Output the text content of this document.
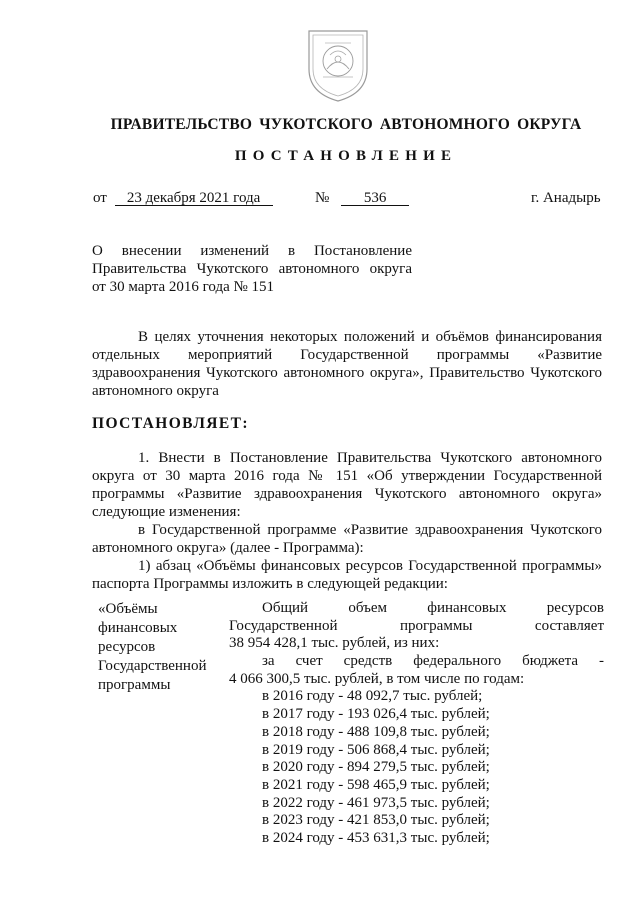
ПРАВИТЕЛЬСТВО ЧУКОТСКОГО АВТОНОМНОГО ОКРУГА
ПОСТАНОВЛЕНИЕ
от 23 декабря 2021 года	№ 536	г. Анадырь
О внесении изменений в Постановление
Правительства Чукотского автономного округа
от 30 марта 2016 года № 151
В целях уточнения некоторых положений и объёмов финансирования
отдельных мероприятий Государственной программы «Развитие
здравоохранения Чукотского автономного округа», Правительство Чукотского
автономного округа
ПОСТАНОВЛЯЕТ:
1. Внести в Постановление Правительства Чукотского автономного
округа от 30 марта 2016 года № 151 «Об утверждении Государственной
программы «Развитие здравоохранения Чукотского автономного округа»
следующие изменения:
в Государственной программе «Развитие здравоохранения Чукотского
автономного округа» (далее - Программа):
1) абзац «Объёмы финансовых ресурсов Государственной программы»
паспорта Программы изложить в следующей редакции:
«Объёмы
финансовых
ресурсов
Государственной
программы
Общий объем финансовых ресурсов
Государственной программы составляет
38 954 428,1 тыс. рублей, из них:
за счет средств федерального бюджета -
4 066 300,5 тыс. рублей, в том числе по годам:
в 2016 году - 48 092,7 тыс. рублей;
в 2017 году - 193 026,4 тыс. рублей;
в 2018 году - 488 109,8 тыс. рублей;
в 2019 году - 506 868,4 тыс. рублей;
в 2020 году - 894 279,5 тыс. рублей;
в 2021 году - 598 465,9 тыс. рублей;
в 2022 году - 461 973,5 тыс. рублей;
в 2023 году - 421 853,0 тыс. рублей;
в 2024 году - 453 631,3 тыс. рублей;
